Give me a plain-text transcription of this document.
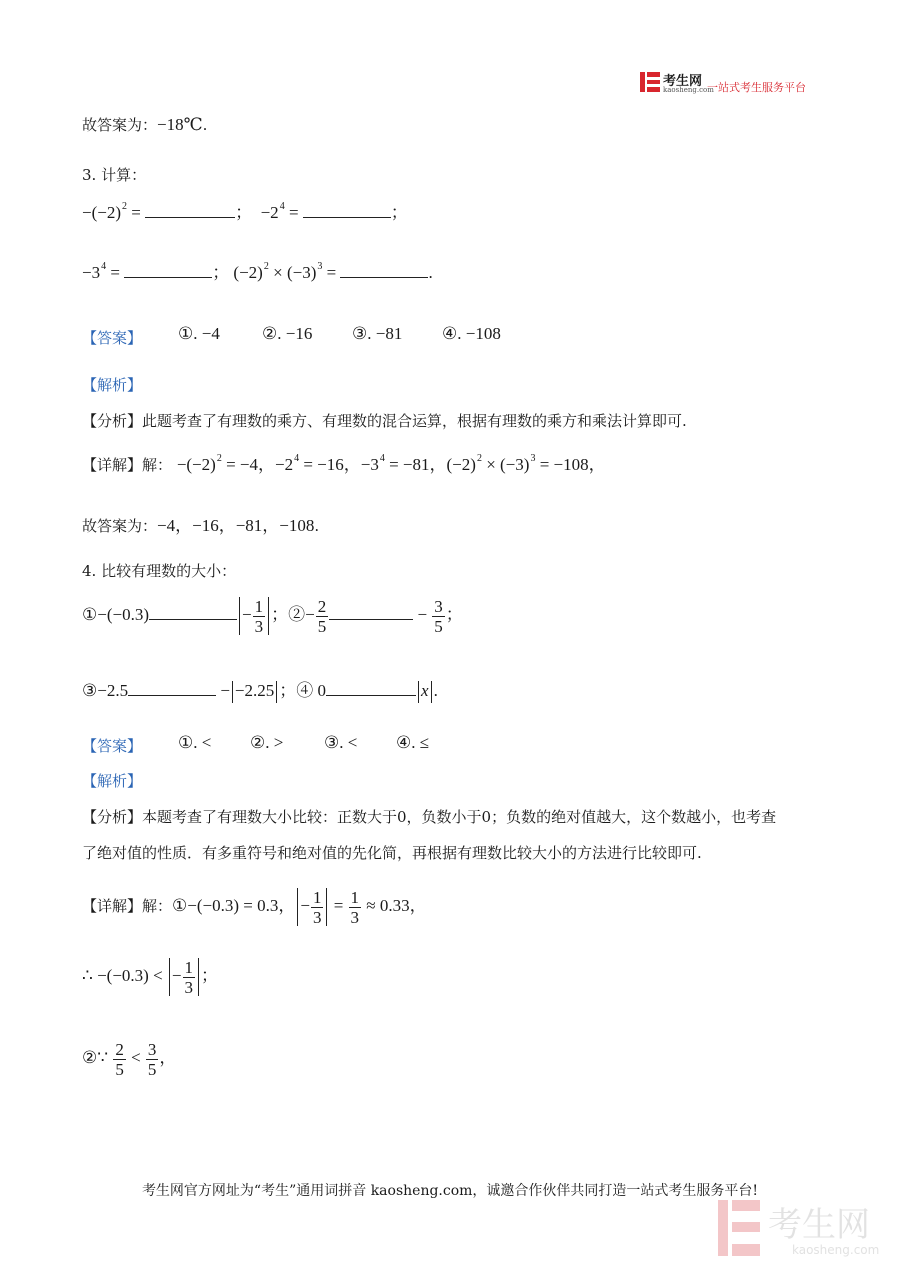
考生网
kaosheng.com
一站式考生服务平台
故答案为：−18℃.
3. 计算：
$-(-2)^2$ =	；  $-2^4$ =	；
$-3^4$ =	； $(-2)^2 \times (-3)^3$ =	.
【答案】 ①. −4 ②. −16 ③. −81 ④. −108
【解析】
【分析】此题考查了有理数的乘方、有理数的混合运算，根据有理数的乘方和乘法计算即可.
【详解】解： $-(-2)^2 = -4$，$-2^4 = -16$，$-3^4 = -81$，$(-2)^2 \times (-3)^3 = -108$，
故答案为：−4，−16，−81，−108.
4. 比较有理数的大小：
①−(−0.3)	− $\frac{1}{3}$ ；②− $\frac{2}{5}$	− $\frac{3}{5}$ ；
③−2.5	− −2.25 ；④ 0	x .
【答案】 ①. < ②. > ③. < ④. ≤
【解析】
【分析】本题考查了有理数大小比较：正数大于0，负数小于0；负数的绝对值越大，这个数越小，也考查
了绝对值的性质．有多重符号和绝对值的先化简，再根据有理数比较大小的方法进行比较即可.
【详解】解：①−(−0.3) = 0.3， − $\frac{1}{3} = \frac{1}{3} \approx 0.33$，
∴ −(−0.3) < − $\frac{1}{3}$ ；
②∵ $\frac{2}{5} < \frac{3}{5}$ ，
考生网官方网址为“考生”通用词拼音 kaosheng.com，诚邀合作伙伴共同打造一站式考生服务平台!
考生网
kaosheng.com
